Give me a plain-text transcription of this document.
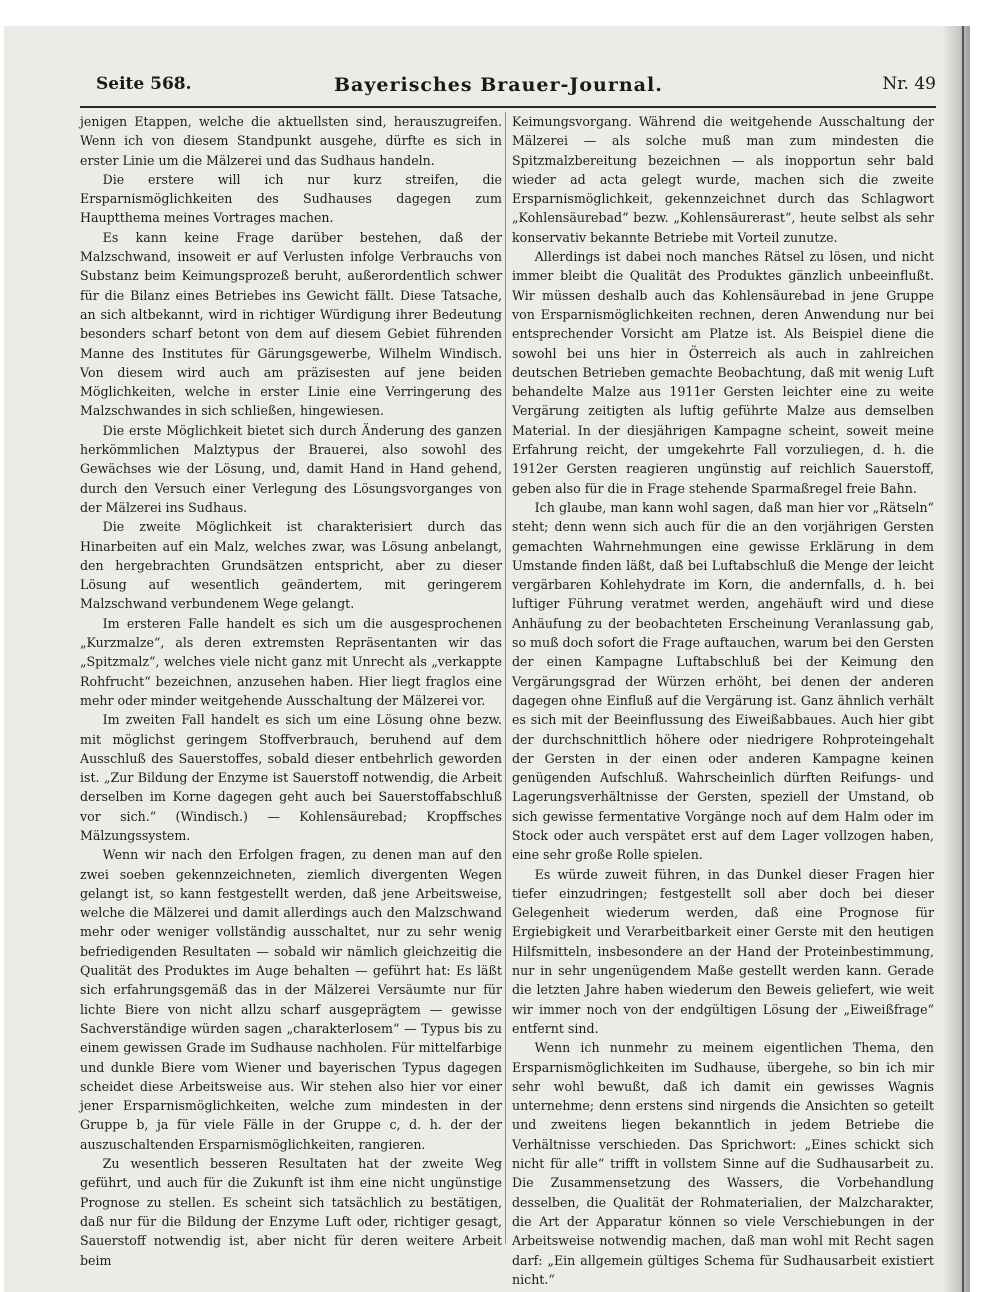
Seite 568.	Bayerisches Brauer-Journal.	Nr. 49

jenigen Etappen, welche die aktuellsten sind, herauszugreifen. Wenn ich von diesem Standpunkt ausgehe, dürfte es sich in erster Linie um die Mälzerei und das Sudhaus handeln.

Die erstere will ich nur kurz streifen, die Ersparnismöglichkeiten des Sudhauses dagegen zum Hauptthema meines Vortrages machen.

Es kann keine Frage darüber bestehen, daß der Malzschwand, insoweit er auf Verlusten infolge Verbrauchs von Substanz beim Keimungsprozeß beruht, außerordentlich schwer für die Bilanz eines Betriebes ins Gewicht fällt. Diese Tatsache, an sich altbekannt, wird in richtiger Würdigung ihrer Bedeutung besonders scharf betont von dem auf diesem Gebiet führenden Manne des Institutes für Gärungsgewerbe, Wilhelm Windisch. Von diesem wird auch am präzisesten auf jene beiden Möglichkeiten, welche in erster Linie eine Verringerung des Malzschwandes in sich schließen, hingewiesen.

Die erste Möglichkeit bietet sich durch Änderung des ganzen herkömmlichen Malztypus der Brauerei, also sowohl des Gewächses wie der Lösung, und, damit Hand in Hand gehend, durch den Versuch einer Verlegung des Lösungsvorganges von der Mälzerei ins Sudhaus.

Die zweite Möglichkeit ist charakterisiert durch das Hinarbeiten auf ein Malz, welches zwar, was Lösung anbelangt, den hergebrachten Grundsätzen entspricht, aber zu dieser Lösung auf wesentlich geändertem, mit geringerem Malzschwand verbundenem Wege gelangt.

Im ersteren Falle handelt es sich um die ausgesprochenen „Kurzmalze“, als deren extremsten Repräsentanten wir das „Spitzmalz“, welches viele nicht ganz mit Unrecht als „verkappte Rohfrucht“ bezeichnen, anzusehen haben. Hier liegt fraglos eine mehr oder minder weitgehende Ausschaltung der Mälzerei vor.

Im zweiten Fall handelt es sich um eine Lösung ohne bezw. mit möglichst geringem Stoffverbrauch, beruhend auf dem Ausschluß des Sauerstoffes, sobald dieser entbehrlich geworden ist. „Zur Bildung der Enzyme ist Sauerstoff notwendig, die Arbeit derselben im Korne dagegen geht auch bei Sauerstoffabschluß vor sich.“ (Windisch.) — Kohlensäurebad; Kropffsches Mälzungssystem.

Wenn wir nach den Erfolgen fragen, zu denen man auf den zwei soeben gekennzeichneten, ziemlich divergenten Wegen gelangt ist, so kann festgestellt werden, daß jene Arbeitsweise, welche die Mälzerei und damit allerdings auch den Malzschwand mehr oder weniger vollständig ausschaltet, nur zu sehr wenig befriedigenden Resultaten — sobald wir nämlich gleichzeitig die Qualität des Produktes im Auge behalten — geführt hat: Es läßt sich erfahrungsgemäß das in der Mälzerei Versäumte nur für lichte Biere von nicht allzu scharf ausgeprägtem — gewisse Sachverständige würden sagen „charakterlosem“ — Typus bis zu einem gewissen Grade im Sudhause nachholen. Für mittelfarbige und dunkle Biere vom Wiener und bayerischen Typus dagegen scheidet diese Arbeitsweise aus. Wir stehen also hier vor einer jener Ersparnismöglichkeiten, welche zum mindesten in der Gruppe b, ja für viele Fälle in der Gruppe c, d. h. der der auszuschaltenden Ersparnismöglichkeiten, rangieren.

Zu wesentlich besseren Resultaten hat der zweite Weg geführt, und auch für die Zukunft ist ihm eine nicht ungünstige Prognose zu stellen. Es scheint sich tatsächlich zu bestätigen, daß nur für die Bildung der Enzyme Luft oder, richtiger gesagt, Sauerstoff notwendig ist, aber nicht für deren weitere Arbeit beim

Keimungsvorgang. Während die weitgehende Ausschaltung der Mälzerei — als solche muß man zum mindesten die Spitzmalzbereitung bezeichnen — als inopportun sehr bald wieder ad acta gelegt wurde, machen sich die zweite Ersparnismöglichkeit, gekennzeichnet durch das Schlagwort „Kohlensäurebad“ bezw. „Kohlensäurerast“, heute selbst als sehr konservativ bekannte Betriebe mit Vorteil zunutze.

Allerdings ist dabei noch manches Rätsel zu lösen, und nicht immer bleibt die Qualität des Produktes gänzlich unbeeinflußt. Wir müssen deshalb auch das Kohlensäurebad in jene Gruppe von Ersparnismöglichkeiten rechnen, deren Anwendung nur bei entsprechender Vorsicht am Platze ist. Als Beispiel diene die sowohl bei uns hier in Österreich als auch in zahlreichen deutschen Betrieben gemachte Beobachtung, daß mit wenig Luft behandelte Malze aus 1911er Gersten leichter eine zu weite Vergärung zeitigten als luftig geführte Malze aus demselben Material. In der diesjährigen Kampagne scheint, soweit meine Erfahrung reicht, der umgekehrte Fall vorzuliegen, d. h. die 1912er Gersten reagieren ungünstig auf reichlich Sauerstoff, geben also für die in Frage stehende Sparmaßregel freie Bahn.

Ich glaube, man kann wohl sagen, daß man hier vor „Rätseln“ steht; denn wenn sich auch für die an den vorjährigen Gersten gemachten Wahrnehmungen eine gewisse Erklärung in dem Umstande finden läßt, daß bei Luftabschluß die Menge der leicht vergärbaren Kohlehydrate im Korn, die andernfalls, d. h. bei luftiger Führung veratmet werden, angehäuft wird und diese Anhäufung zu der beobachteten Erscheinung Veranlassung gab, so muß doch sofort die Frage auftauchen, warum bei den Gersten der einen Kampagne Luftabschluß bei der Keimung den Vergärungsgrad der Würzen erhöht, bei denen der anderen dagegen ohne Einfluß auf die Vergärung ist. Ganz ähnlich verhält es sich mit der Beeinflussung des Eiweißabbaues. Auch hier gibt der durchschnittlich höhere oder niedrigere Rohproteingehalt der Gersten in der einen oder anderen Kampagne keinen genügenden Aufschluß. Wahrscheinlich dürften Reifungs- und Lagerungsverhältnisse der Gersten, speziell der Umstand, ob sich gewisse fermentative Vorgänge noch auf dem Halm oder im Stock oder auch verspätet erst auf dem Lager vollzogen haben, eine sehr große Rolle spielen.

Es würde zuweit führen, in das Dunkel dieser Fragen hier tiefer einzudringen; festgestellt soll aber doch bei dieser Gelegenheit wiederum werden, daß eine Prognose für Ergiebigkeit und Verarbeitbarkeit einer Gerste mit den heutigen Hilfsmitteln, insbesondere an der Hand der Proteinbestimmung, nur in sehr ungenügendem Maße gestellt werden kann. Gerade die letzten Jahre haben wiederum den Beweis geliefert, wie weit wir immer noch von der endgültigen Lösung der „Eiweißfrage“ entfernt sind.

Wenn ich nunmehr zu meinem eigentlichen Thema, den Ersparnismöglichkeiten im Sudhause, übergehe, so bin ich mir sehr wohl bewußt, daß ich damit ein gewisses Wagnis unternehme; denn erstens sind nirgends die Ansichten so geteilt und zweitens liegen bekanntlich in jedem Betriebe die Verhältnisse verschieden. Das Sprichwort: „Eines schickt sich nicht für alle“ trifft in vollstem Sinne auf die Sudhausarbeit zu. Die Zusammensetzung des Wassers, die Vorbehandlung desselben, die Qualität der Rohmaterialien, der Malzcharakter, die Art der Apparatur können so viele Verschiebungen in der Arbeitsweise notwendig machen, daß man wohl mit Recht sagen darf: „Ein allgemein gültiges Schema für Sudhausarbeit existiert nicht.“
